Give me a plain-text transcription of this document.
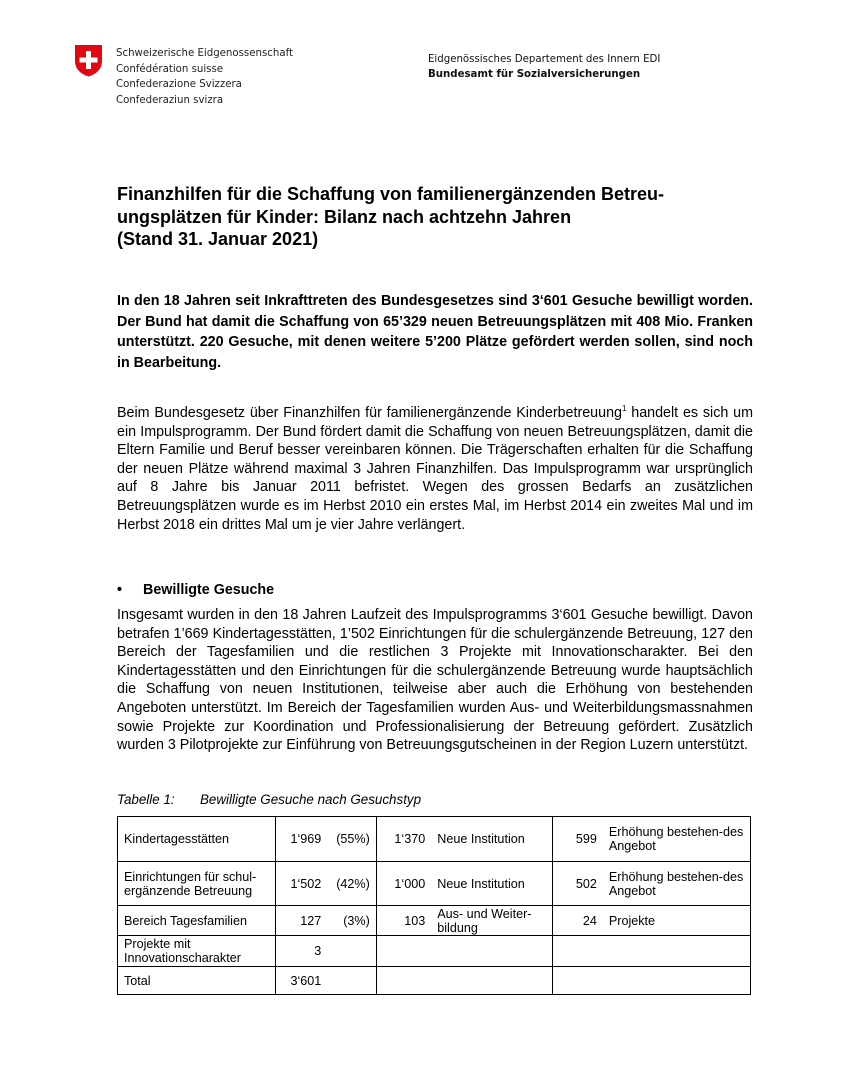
Schweizerische Eidgenossenschaft
Confédération suisse
Confederazione Svizzera
Confederaziun svizra
Eidgenössisches Departement des Innern EDI
Bundesamt für Sozialversicherungen
Finanzhilfen für die Schaffung von familienergänzenden Betreu-
ungsplätzen für Kinder: Bilanz nach achtzehn Jahren
(Stand 31. Januar 2021)

In den 18 Jahren seit Inkrafttreten des Bundesgesetzes sind 3‘601 Gesuche bewilligt worden. Der Bund hat damit die Schaffung von 65’329 neuen Betreuungsplätzen mit 408 Mio. Franken unterstützt. 220 Gesuche, mit denen weitere 5’200 Plätze gefördert werden sollen, sind noch in Bearbeitung.

Beim Bundesgesetz über Finanzhilfen für familienergänzende Kinderbetreuung$^1$ handelt es sich um ein Impulsprogramm. Der Bund fördert damit die Schaffung von neuen Betreuungsplätzen, damit die Eltern Familie und Beruf besser vereinbaren können. Die Trägerschaften erhalten für die Schaffung der neuen Plätze während maximal 3 Jahren Finanzhilfen. Das Impulsprogramm war ursprünglich auf 8 Jahre bis Januar 2011 befristet. Wegen des grossen Bedarfs an zusätzlichen Betreuungsplätzen wurde es im Herbst 2010 ein erstes Mal, im Herbst 2014 ein zweites Mal und im Herbst 2018 ein drittes Mal um je vier Jahre verlängert.

• Bewilligte Gesuche

Insgesamt wurden in den 18 Jahren Laufzeit des Impulsprogramms 3‘601 Gesuche bewilligt. Davon betrafen 1’669 Kindertagesstätten, 1’502 Einrichtungen für die schulergänzende Betreuung, 127 den Bereich der Tagesfamilien und die restlichen 3 Projekte mit Innovationscharakter. Bei den Kindertagesstätten und den Einrichtungen für die schulergänzende Betreuung wurde hauptsächlich die Schaffung von neuen Institutionen, teilweise aber auch die Erhöhung von bestehenden Angeboten unterstützt. Im Bereich der Tagesfamilien wurden Aus- und Weiterbildungsmassnahmen sowie Projekte zur Koordination und Professionalisierung der Betreuung gefördert. Zusätzlich wurden 3 Pilotprojekte zur Einführung von Betreuungsgutscheinen in der Region Luzern unterstützt.

Tabelle 1: Bewilligte Gesuche nach Gesuchstyp
Kindertagesstätten	1‘969	(55%)	1‘370	Neue Institution	599	Erhöhung bestehen-des Angebot
Einrichtungen für schul-ergänzende Betreuung	1‘502	(42%)	1‘000	Neue Institution	502	Erhöhung bestehen-des Angebot
Bereich Tagesfamilien	127	(3%)	103	Aus- und Weiter-bildung	24	Projekte
Projekte mit Innovationscharakter	3					
Total	3‘601					
